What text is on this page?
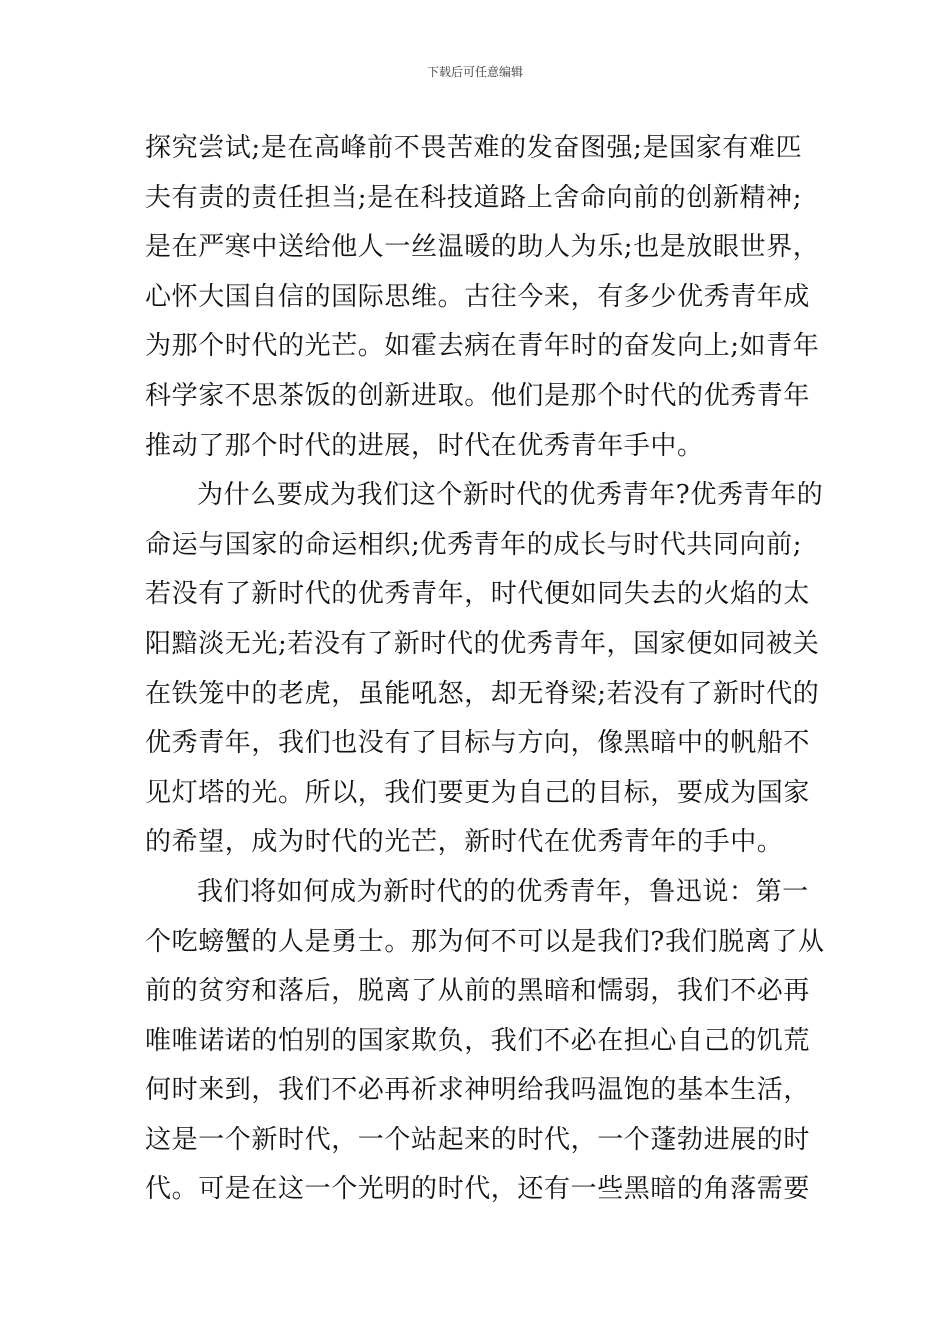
下载后可任意编辑
探究尝试;是在高峰前不畏苦难的发奋图强;是国家有难匹
夫有责的责任担当;是在科技道路上舍命向前的创新精神;
是在严寒中送给他人一丝温暖的助人为乐;也是放眼世界，
心怀大国自信的国际思维。古往今来，有多少优秀青年成
为那个时代的光芒。如霍去病在青年时的奋发向上;如青年
科学家不思茶饭的创新进取。他们是那个时代的优秀青年
推动了那个时代的进展，时代在优秀青年手中。
为什么要成为我们这个新时代的优秀青年?优秀青年的
命运与国家的命运相织;优秀青年的成长与时代共同向前;
若没有了新时代的优秀青年，时代便如同失去的火焰的太
阳黯淡无光;若没有了新时代的优秀青年，国家便如同被关
在铁笼中的老虎，虽能吼怒，却无脊梁;若没有了新时代的
优秀青年，我们也没有了目标与方向，像黑暗中的帆船不
见灯塔的光。所以，我们要更为自己的目标，要成为国家
的希望，成为时代的光芒，新时代在优秀青年的手中。
我们将如何成为新时代的的优秀青年，鲁迅说：第一
个吃螃蟹的人是勇士。那为何不可以是我们?我们脱离了从
前的贫穷和落后，脱离了从前的黑暗和懦弱，我们不必再
唯唯诺诺的怕别的国家欺负，我们不必在担心自己的饥荒
何时来到，我们不必再祈求神明给我吗温饱的基本生活，
这是一个新时代，一个站起来的时代，一个蓬勃进展的时
代。可是在这一个光明的时代，还有一些黑暗的角落需要
